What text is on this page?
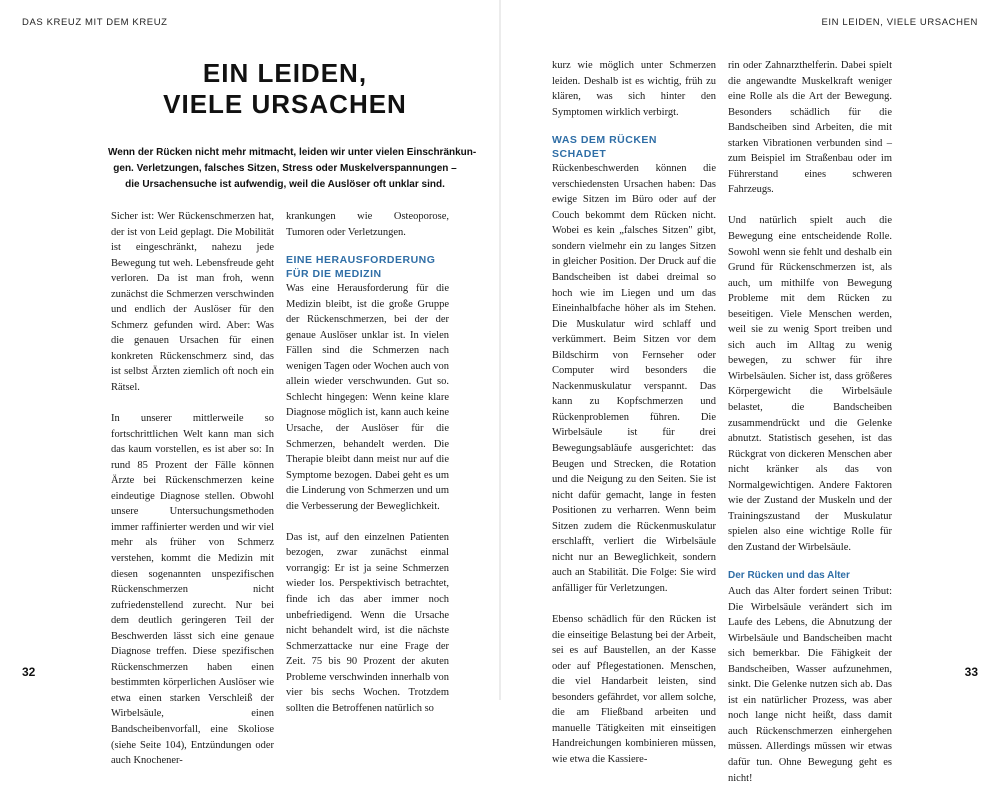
DAS KREUZ MIT DEM KREUZ
EIN LEIDEN,
VIELE URSACHEN

Wenn der Rücken nicht mehr mitmacht, leiden wir unter vielen Einschränkun-
gen. Verletzungen, falsches Sitzen, Stress oder Muskelverspannungen –
die Ursachensuche ist aufwendig, weil die Auslöser oft unklar sind.

Sicher ist: Wer Rückenschmerzen hat, der ist von Leid geplagt. Die Mobilität ist eingeschränkt, nahezu jede Bewegung tut weh. Lebensfreude geht verloren. Da ist man froh, wenn zunächst die Schmerzen verschwinden und endlich der Auslöser für den Schmerz gefunden wird. Aber: Was die genauen Ursachen für einen konkreten Rückenschmerz sind, das ist selbst Ärzten ziemlich oft noch ein Rätsel.

In unserer mittlerweile so fortschrittlichen Welt kann man sich das kaum vorstellen, es ist aber so: In rund 85 Prozent der Fälle können Ärzte bei Rückenschmerzen keine eindeutige Diagnose stellen. Obwohl unsere Untersuchungsmethoden immer raffinierter werden und wir viel mehr als früher von Schmerz verstehen, kommt die Medizin mit diesen sogenannten unspezifischen Rückenschmerzen nicht zufriedenstellend zurecht. Nur bei dem deutlich geringeren Teil der Beschwerden lässt sich eine genaue Diagnose treffen. Diese spezifischen Rückenschmerzen haben einen bestimmten körperlichen Auslöser wie etwa einen starken Verschleiß der Wirbelsäule, einen Bandscheibenvorfall, eine Skoliose (siehe Seite 104), Entzündungen oder auch Knochener-

krankungen wie Osteoporose, Tumoren oder Verletzungen.

EINE HERAUSFORDERUNG
FÜR DIE MEDIZIN

Was eine Herausforderung für die Medizin bleibt, ist die große Gruppe der Rückenschmerzen, bei der der genaue Auslöser unklar ist. In vielen Fällen sind die Schmerzen nach wenigen Tagen oder Wochen auch von allein wieder verschwunden. Gut so. Schlecht hingegen: Wenn keine klare Diagnose möglich ist, kann auch keine Ursache, der Auslöser für die Schmerzen, behandelt werden. Die Therapie bleibt dann meist nur auf die Symptome bezogen. Dabei geht es um die Linderung von Schmerzen und um die Verbesserung der Beweglichkeit.

Das ist, auf den einzelnen Patienten bezogen, zwar zunächst einmal vorrangig: Er ist ja seine Schmerzen wieder los. Perspektivisch betrachtet, finde ich das aber immer noch unbefriedigend. Wenn die Ursache nicht behandelt wird, ist die nächste Schmerzattacke nur eine Frage der Zeit. 75 bis 90 Prozent der akuten Probleme verschwinden innerhalb von vier bis sechs Wochen. Trotzdem sollten die Betroffenen natürlich so

32
EIN LEIDEN, VIELE URSACHEN
33

kurz wie möglich unter Schmerzen leiden. Deshalb ist es wichtig, früh zu klären, was sich hinter den Symptomen wirklich verbirgt.

WAS DEM RÜCKEN
SCHADET

Rückenbeschwerden können die verschiedensten Ursachen haben: Das ewige Sitzen im Büro oder auf der Couch bekommt dem Rücken nicht. Wobei es kein „falsches Sitzen" gibt, sondern vielmehr ein zu langes Sitzen in gleicher Position. Der Druck auf die Bandscheiben ist dabei dreimal so hoch wie im Liegen und um das Eineinhalbfache höher als im Stehen. Die Muskulatur wird schlaff und verkümmert. Beim Sitzen vor dem Bildschirm von Fernseher oder Computer wird besonders die Nackenmuskulatur verspannt. Das kann zu Kopfschmerzen und Rückenproblemen führen. Die Wirbelsäule ist für drei Bewegungsabläufe ausgerichtet: das Beugen und Strecken, die Rotation und die Neigung zu den Seiten. Sie ist nicht dafür gemacht, lange in festen Positionen zu verharren. Wenn beim Sitzen zudem die Rückenmuskulatur erschlafft, verliert die Wirbelsäule nicht nur an Beweglichkeit, sondern auch an Stabilität. Die Folge: Sie wird anfälliger für Verletzungen.

Ebenso schädlich für den Rücken ist die einseitige Belastung bei der Arbeit, sei es auf Baustellen, an der Kasse oder auf Pflegestationen. Menschen, die viel Handarbeit leisten, sind besonders gefährdet, vor allem solche, die am Fließband arbeiten und manuelle Tätigkeiten mit einseitigen Handreichungen kombinieren müssen, wie etwa die Kassiere-

rin oder Zahnarzthelferin. Dabei spielt die angewandte Muskelkraft weniger eine Rolle als die Art der Bewegung. Besonders schädlich für die Bandscheiben sind Arbeiten, die mit starken Vibrationen verbunden sind – zum Beispiel im Straßenbau oder im Führerstand eines schweren Fahrzeugs.

Und natürlich spielt auch die Bewegung eine entscheidende Rolle. Sowohl wenn sie fehlt und deshalb ein Grund für Rückenschmerzen ist, als auch, um mithilfe von Bewegung Probleme mit dem Rücken zu beseitigen. Viele Menschen werden, weil sie zu wenig Sport treiben und sich auch im Alltag zu wenig bewegen, zu schwer für ihre Wirbelsäulen. Sicher ist, dass größeres Körpergewicht die Wirbelsäule belastet, die Bandscheiben zusammendrückt und die Gelenke abnutzt. Statistisch gesehen, ist das Rückgrat von dickeren Menschen aber nicht kränker als das von Normalgewichtigen. Andere Faktoren wie der Zustand der Muskeln und der Trainingszustand der Muskulatur spielen also eine wichtige Rolle für den Zustand der Wirbelsäule.

Der Rücken und das Alter

Auch das Alter fordert seinen Tribut: Die Wirbelsäule verändert sich im Laufe des Lebens, die Abnutzung der Wirbelsäule und Bandscheiben macht sich bemerkbar. Die Fähigkeit der Bandscheiben, Wasser aufzunehmen, sinkt. Die Gelenke nutzen sich ab. Das ist ein natürlicher Prozess, was aber noch lange nicht heißt, dass damit auch Rückenschmerzen einhergehen müssen. Allerdings müssen wir etwas dafür tun. Ohne Bewegung geht es nicht!
